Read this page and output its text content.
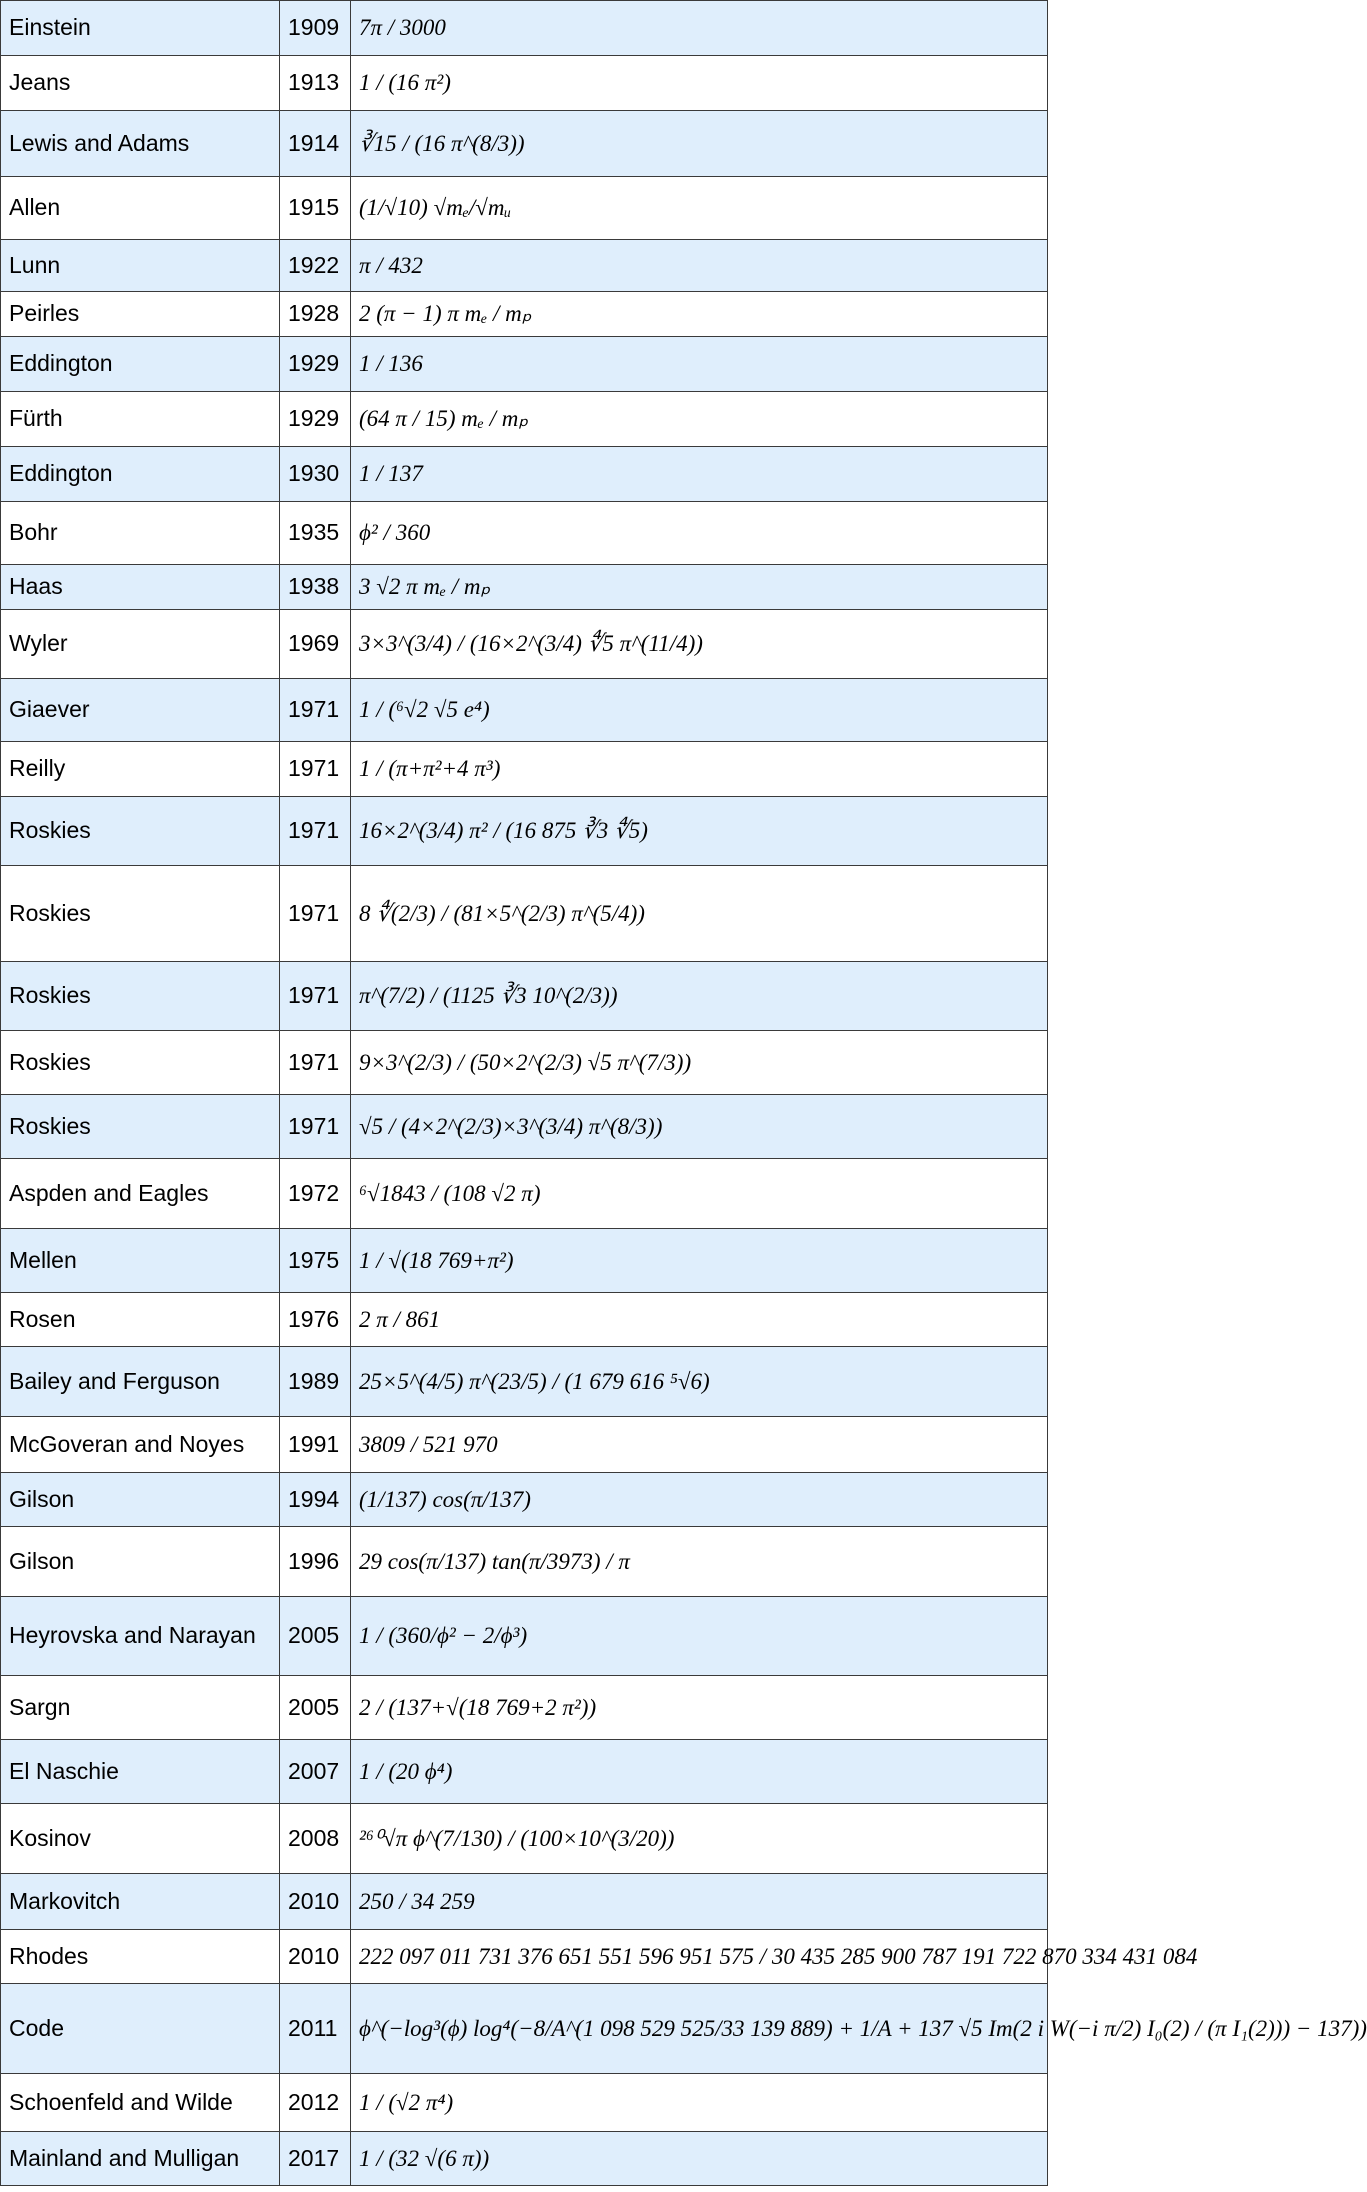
Einstein	1909	7π / 3000
Jeans	1913	1 / (16 π²)
Lewis and Adams	1914	∛15 / (16 π^(8/3))
Allen	1915	(1/√10) √mₑ/√mᵤ
Lunn	1922	π / 432
Peirles	1928	2 (π − 1) π mₑ / mₚ
Eddington	1929	1 / 136
Fürth	1929	(64 π / 15) mₑ / mₚ
Eddington	1930	1 / 137
Bohr	1935	ϕ² / 360
Haas	1938	3 √2 π mₑ / mₚ
Wyler	1969	3×3^(3/4) / (16×2^(3/4) ∜5 π^(11/4))
Giaever	1971	1 / (⁶√2 √5 e⁴)
Reilly	1971	1 / (π+π²+4 π³)
Roskies	1971	16×2^(3/4) π² / (16 875 ∛3 ∜5)
Roskies	1971	8 ∜(2/3) / (81×5^(2/3) π^(5/4))
Roskies	1971	π^(7/2) / (1125 ∛3 10^(2/3))
Roskies	1971	9×3^(2/3) / (50×2^(2/3) √5 π^(7/3))
Roskies	1971	√5 / (4×2^(2/3)×3^(3/4) π^(8/3))
Aspden and Eagles	1972	⁶√1843 / (108 √2 π)
Mellen	1975	1 / √(18 769+π²)
Rosen	1976	2 π / 861
Bailey and Ferguson	1989	25×5^(4/5) π^(23/5) / (1 679 616 ⁵√6)
McGoveran and Noyes	1991	3809 / 521 970
Gilson	1994	(1/137) cos(π/137)
Gilson	1996	29 cos(π/137) tan(π/3973) / π
Heyrovska and Narayan	2005	1 / (360/ϕ² − 2/ϕ³)
Sargn	2005	2 / (137+√(18 769+2 π²))
El Naschie	2007	1 / (20 ϕ⁴)
Kosinov	2008	²⁶⁰√π ϕ^(7/130) / (100×10^(3/20))
Markovitch	2010	250 / 34 259
Rhodes	2010	222 097 011 731 376 651 551 596 951 575 / 30 435 285 900 787 191 722 870 334 431 084
Code	2011	ϕ^(−log³(ϕ) log⁴(−8/A^(1 098 529 525/33 139 889) + 1/A + 137 √5 Im(2 i W(−i π/2) I₀(2) / (π I₁(2))) − 137))
Schoenfeld and Wilde	2012	1 / (√2 π⁴)
Mainland and Mulligan	2017	1 / (32 √(6 π))
